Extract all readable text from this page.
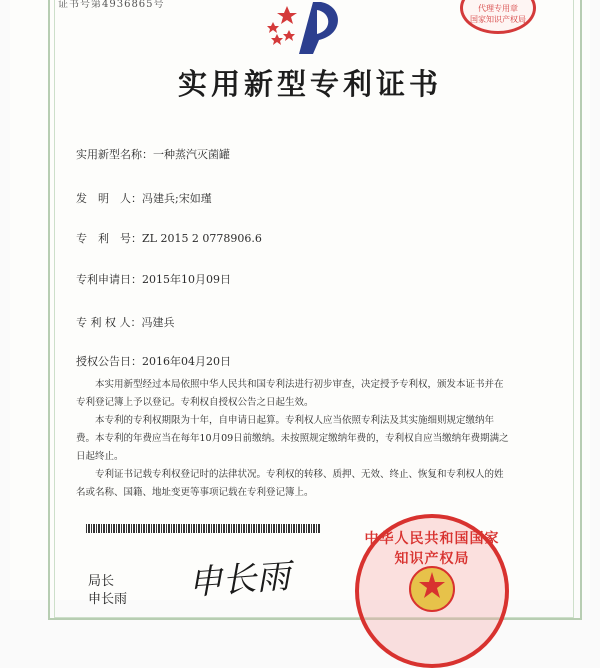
证书号第4936865号	代理专用章
国家知识产权局
实用新型专利证书
实用新型名称：一种蒸汽灭菌罐
发　明　人：冯建兵;宋如瑾
专　利　号：ZL 2015 2 0778906.6
专利申请日：2015年10月09日
专 利 权 人：冯建兵
授权公告日：2016年04月20日
本实用新型经过本局依照中华人民共和国专利法进行初步审查，决定授予专利权，颁发本证书并在专利登记簿上予以登记。专利权自授权公告之日起生效。
本专利的专利权期限为十年，自申请日起算。专利权人应当依照专利法及其实施细则规定缴纳年费。本专利的年费应当在每年10月09日前缴纳。未按照规定缴纳年费的，专利权自应当缴纳年费期满之日起终止。
专利证书记载专利权登记时的法律状况。专利权的转移、质押、无效、终止、恢复和专利权人的姓名或名称、国籍、地址变更等事项记载在专利登记簿上。
局长
申长雨 申长雨
中华人民共和国国家知识产权局
